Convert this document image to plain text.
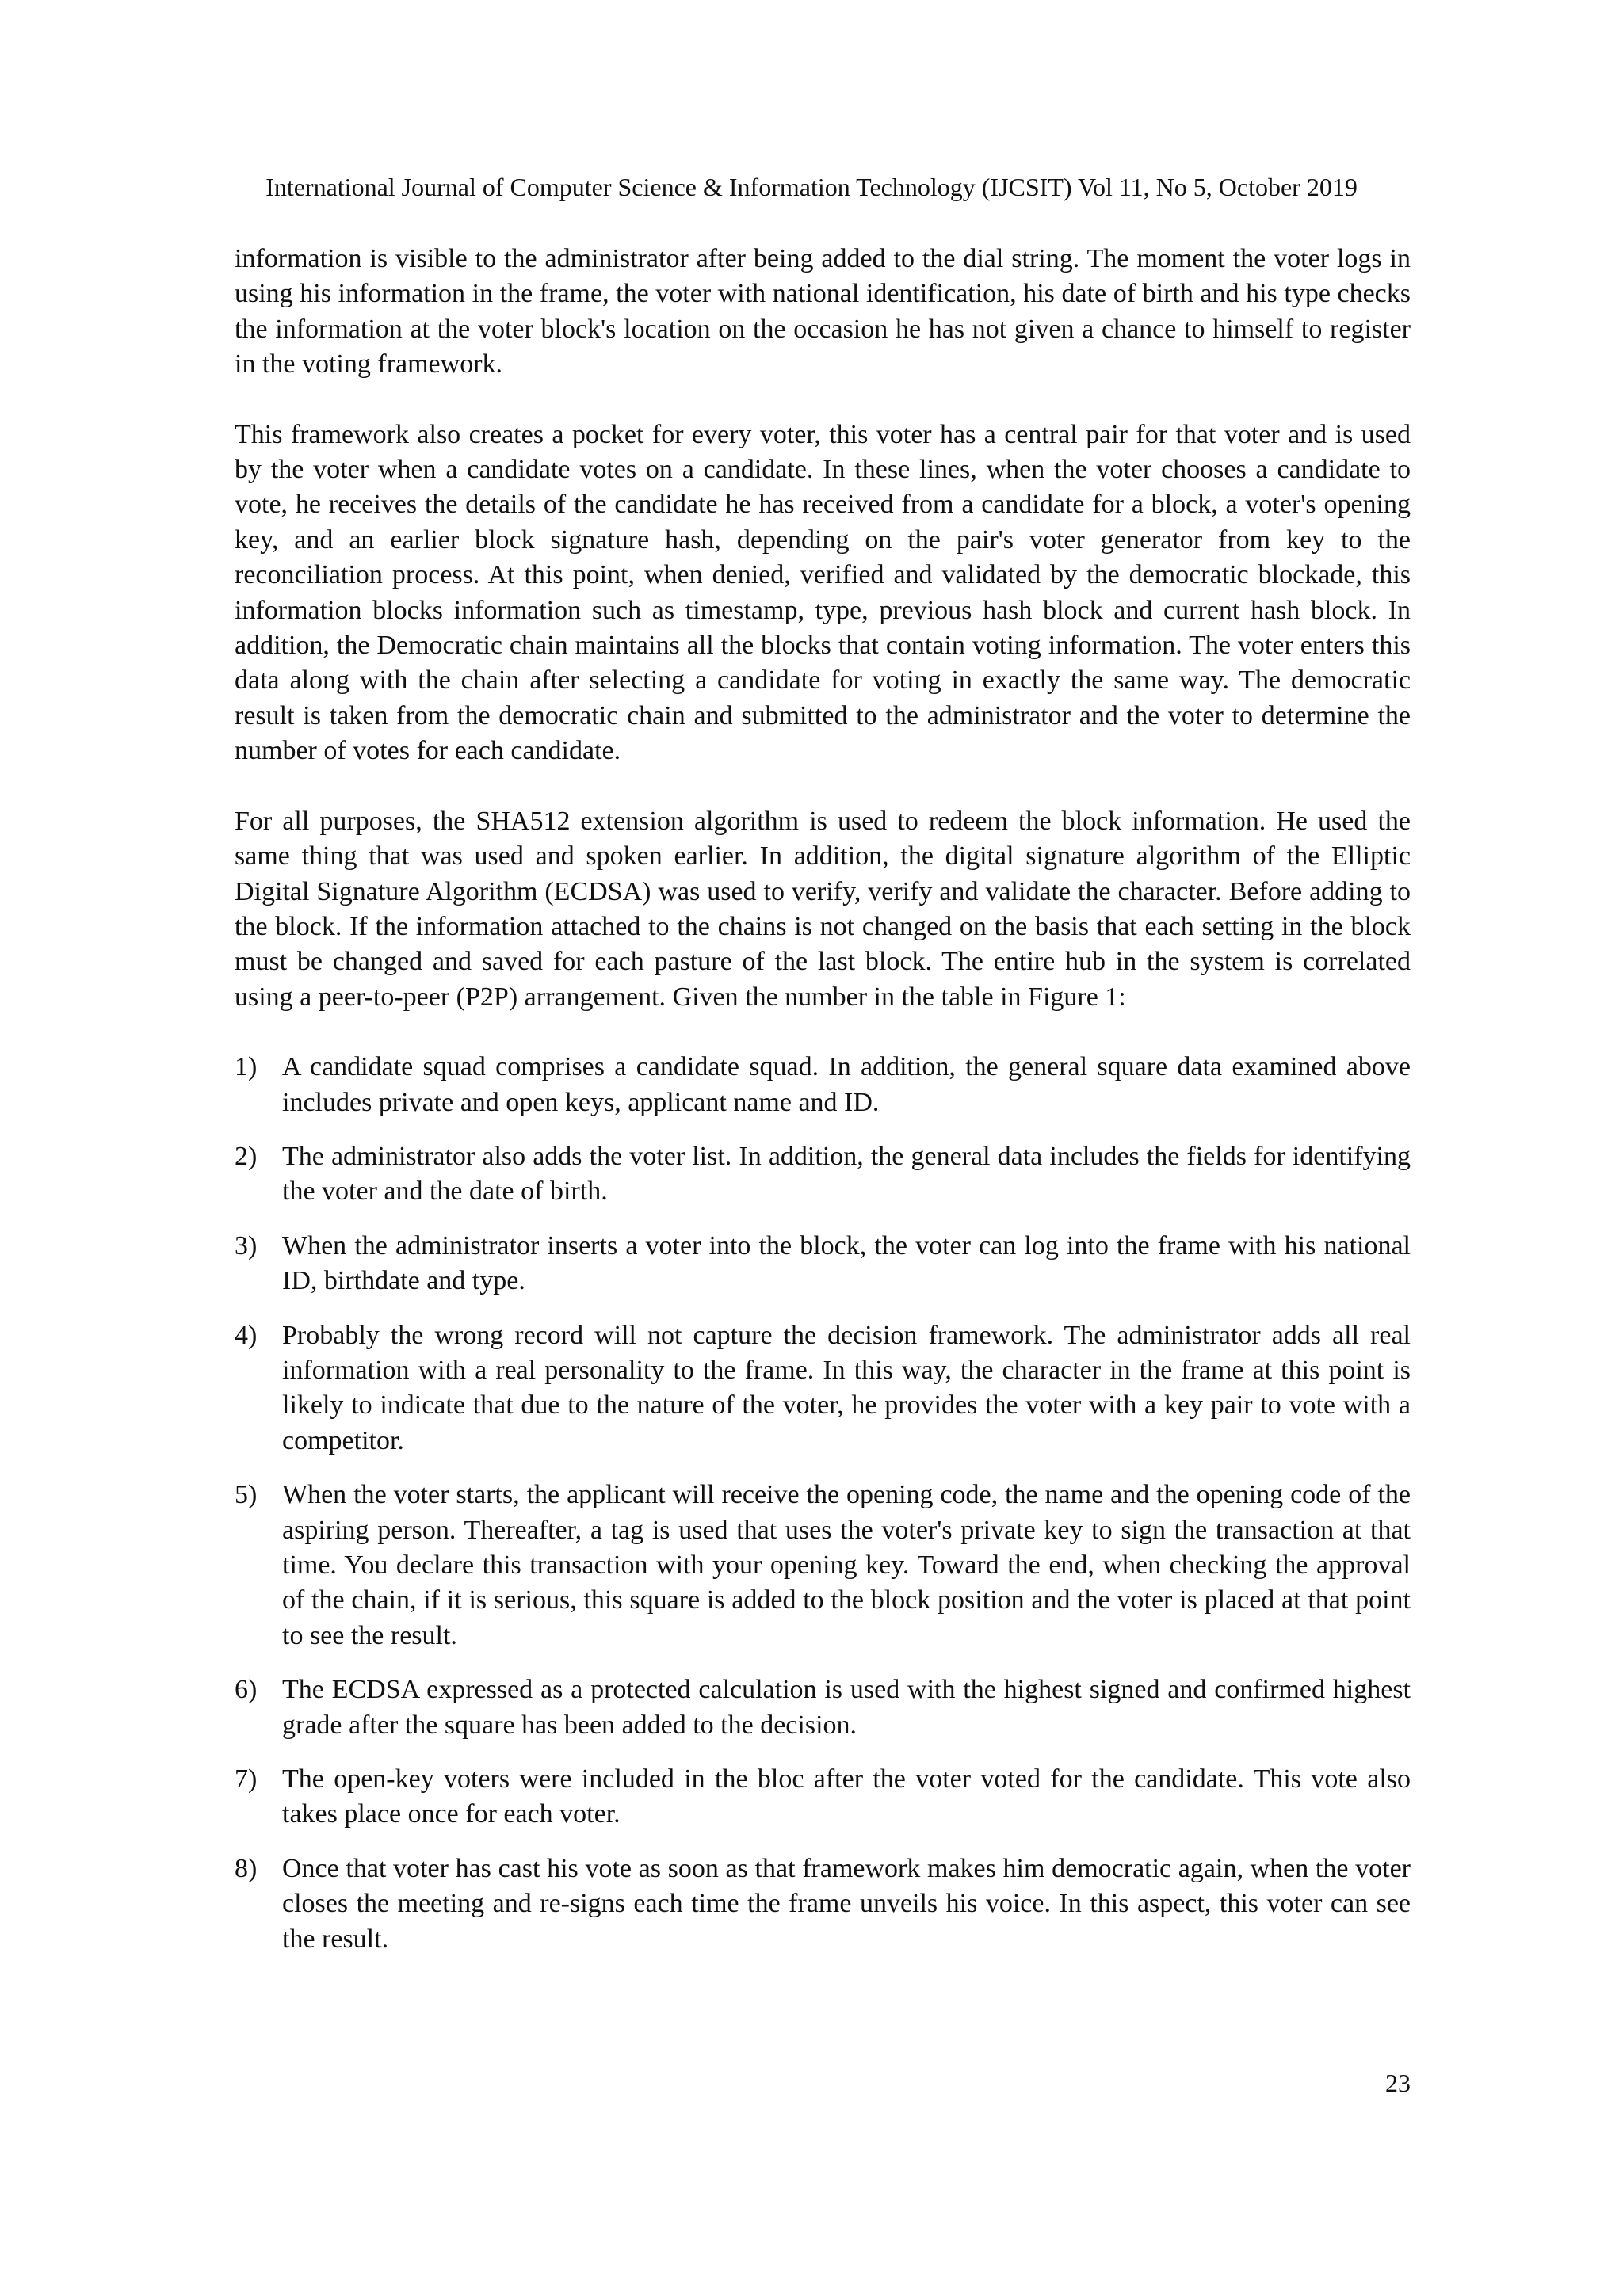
International Journal of Computer Science & Information Technology (IJCSIT) Vol 11, No 5, October 2019

information is visible to the administrator after being added to the dial string. The moment the voter logs in using his information in the frame, the voter with national identification, his date of birth and his type checks the information at the voter block's location on the occasion he has not given a chance to himself to register in the voting framework.

This framework also creates a pocket for every voter, this voter has a central pair for that voter and is used by the voter when a candidate votes on a candidate. In these lines, when the voter chooses a candidate to vote, he receives the details of the candidate he has received from a candidate for a block, a voter's opening key, and an earlier block signature hash, depending on the pair's voter generator from key to the reconciliation process. At this point, when denied, verified and validated by the democratic blockade, this information blocks information such as timestamp, type, previous hash block and current hash block. In addition, the Democratic chain maintains all the blocks that contain voting information. The voter enters this data along with the chain after selecting a candidate for voting in exactly the same way. The democratic result is taken from the democratic chain and submitted to the administrator and the voter to determine the number of votes for each candidate.

For all purposes, the SHA512 extension algorithm is used to redeem the block information. He used the same thing that was used and spoken earlier. In addition, the digital signature algorithm of the Elliptic Digital Signature Algorithm (ECDSA) was used to verify, verify and validate the character. Before adding to the block. If the information attached to the chains is not changed on the basis that each setting in the block must be changed and saved for each pasture of the last block. The entire hub in the system is correlated using a peer-to-peer (P2P) arrangement. Given the number in the table in Figure 1:

1) A candidate squad comprises a candidate squad. In addition, the general square data examined above includes private and open keys, applicant name and ID.
2) The administrator also adds the voter list. In addition, the general data includes the fields for identifying the voter and the date of birth.
3) When the administrator inserts a voter into the block, the voter can log into the frame with his national ID, birthdate and type.
4) Probably the wrong record will not capture the decision framework. The administrator adds all real information with a real personality to the frame. In this way, the character in the frame at this point is likely to indicate that due to the nature of the voter, he provides the voter with a key pair to vote with a competitor.
5) When the voter starts, the applicant will receive the opening code, the name and the opening code of the aspiring person. Thereafter, a tag is used that uses the voter's private key to sign the transaction at that time. You declare this transaction with your opening key. Toward the end, when checking the approval of the chain, if it is serious, this square is added to the block position and the voter is placed at that point to see the result.
6) The ECDSA expressed as a protected calculation is used with the highest signed and confirmed highest grade after the square has been added to the decision.
7) The open-key voters were included in the bloc after the voter voted for the candidate. This vote also takes place once for each voter.
8) Once that voter has cast his vote as soon as that framework makes him democratic again, when the voter closes the meeting and re-signs each time the frame unveils his voice. In this aspect, this voter can see the result.
23
